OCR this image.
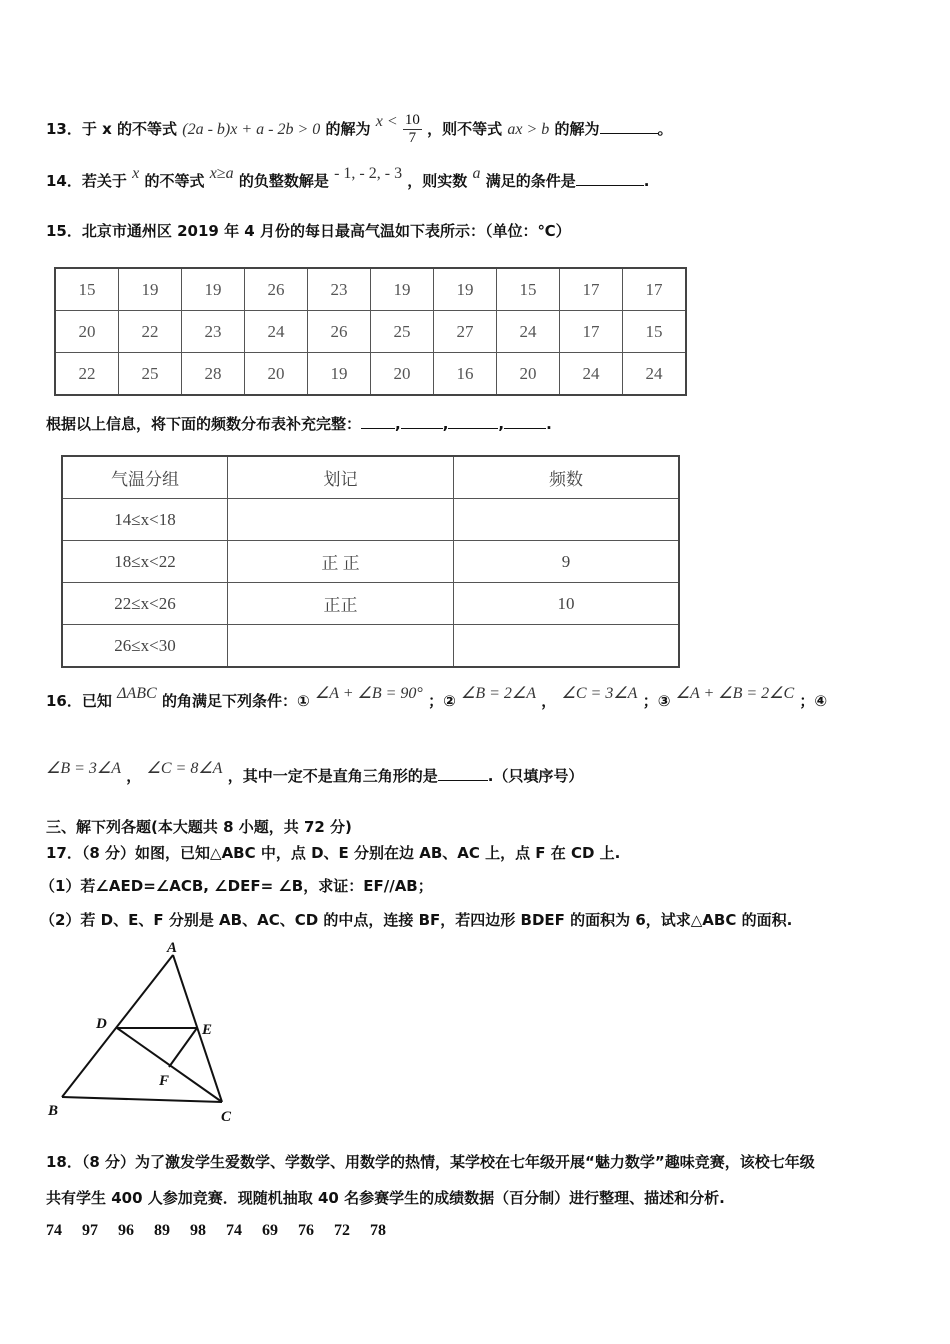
13．于 x 的不等式 (2a - b)x + a - 2b > 0 的解为 $x < \frac{10}{7}$ ，则不等式 ax > b 的解为	。
14．若关于 x 的不等式 x≥a 的负整数解是 - 1, - 2, - 3 ，则实数 a 满足的条件是	.
15．北京市通州区 2019 年 4 月份的每日最高气温如下表所示：（单位：℃）
15	19	19	26	23	19	19	15	17	17
20	22	23	24	26	25	27	24	17	15
22	25	28	20	19	20	16	20	24	24
根据以上信息，将下面的频数分布表补充完整： ,	,	,	.
气温分组	划记	频数
14≤x<18		
18≤x<22	正 正	9
22≤x<26	正正	10
26≤x<30		
16．已知 ΔABC 的角满足下列条件：① ∠A + ∠B = 90° ；② ∠B = 2∠A ， ∠C = 3∠A ；③ ∠A + ∠B = 2∠C ；④
∠B = 3∠A ， ∠C = 8∠A ，其中一定不是直角三角形的是	.（只填序号）
三、解下列各题(本大题共 8 小题，共 72 分)
17．（8 分）如图，已知△ABC 中，点 D、E 分别在边 AB、AC 上，点 F 在 CD 上.
（1）若∠AED=∠ACB, ∠DEF= ∠B，求证：EF//AB；
（2）若 D、E、F 分别是 AB、AC、CD 的中点，连接 BF，若四边形 BDEF 的面积为 6，试求△ABC 的面积.
A
B	C
D	E
F
18．（8 分）为了激发学生爱数学、学数学、用数学的热情，某学校在七年级开展“魅力数学”趣味竞赛，该校七年级
共有学生 400 人参加竞赛．现随机抽取 40 名参赛学生的成绩数据（百分制）进行整理、描述和分析.
74 97 96 89 98 74 69 76 72 78
